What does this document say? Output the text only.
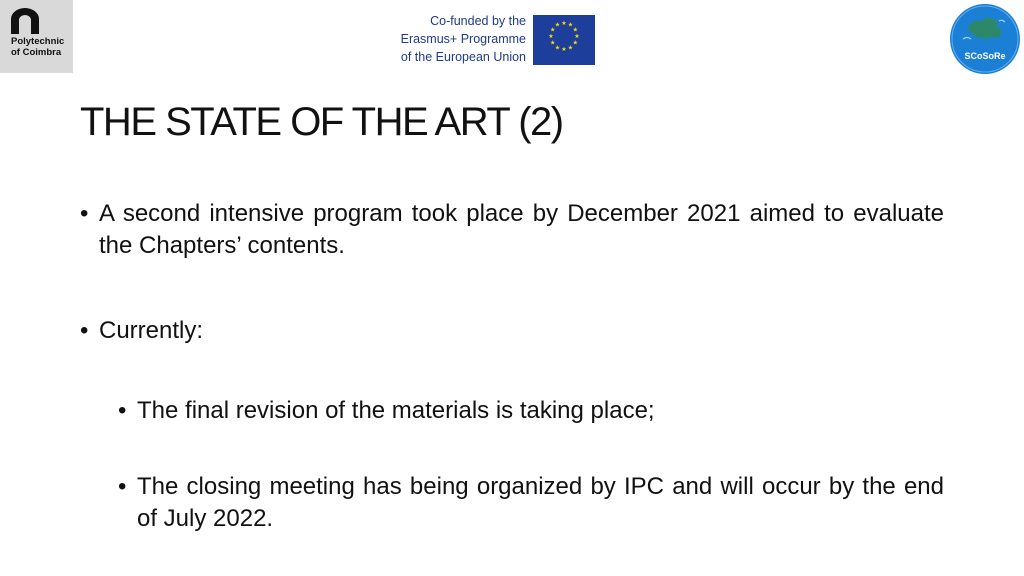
Polytechnic
of Coimbra
Co-funded by the
Erasmus+ Programme
of the European Union
★ ★
★
★
★
★
★
★
★
★
★
★
SCoSoRe
THE STATE OF THE ART (2)
• A second intensive program took place by December 2021 aimed to evaluate the Chapters’ contents.
• Currently:
• The final revision of the materials is taking place;
• The closing meeting has being organized by IPC and will occur by the end of July 2022.
